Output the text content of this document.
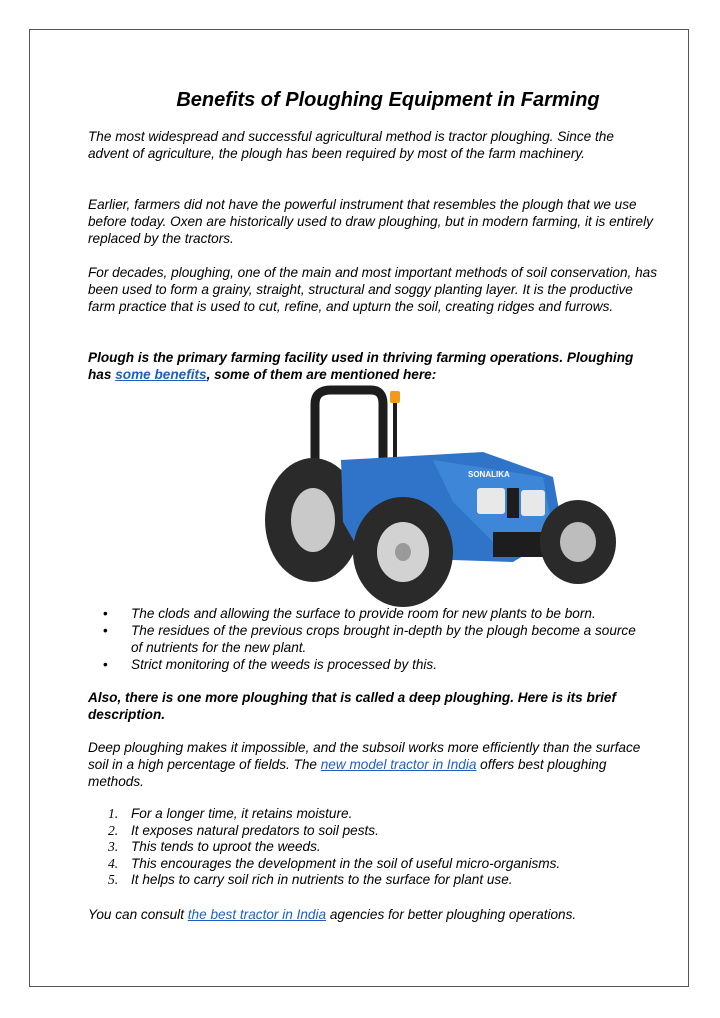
Benefits of Ploughing Equipment in Farming

The most widespread and successful agricultural method is tractor ploughing. Since the advent of agriculture, the plough has been required by most of the farm machinery.

Earlier, farmers did not have the powerful instrument that resembles the plough that we use before today. Oxen are historically used to draw ploughing, but in modern farming, it is entirely replaced by the tractors.

For decades, ploughing, one of the main and most important methods of soil conservation, has been used to form a grainy, straight, structural and soggy planting layer. It is the productive farm practice that is used to cut, refine, and upturn the soil, creating ridges and furrows.

Plough is the primary farming facility used in thriving farming operations. Ploughing has some benefits, some of them are mentioned here:

SONALIKA
• The clods and allowing the surface to provide room for new plants to be born.
• The residues of the previous crops brought in-depth by the plough become a source of nutrients for the new plant.
• Strict monitoring of the weeds is processed by this.

Also, there is one more ploughing that is called a deep ploughing. Here is its brief description.

Deep ploughing makes it impossible, and the subsoil works more efficiently than the surface soil in a high percentage of fields. The new model tractor in India offers best ploughing methods.

1. For a longer time, it retains moisture.
2. It exposes natural predators to soil pests.
3. This tends to uproot the weeds.
4. This encourages the development in the soil of useful micro-organisms.
5. It helps to carry soil rich in nutrients to the surface for plant use.

You can consult the best tractor in India agencies for better ploughing operations.
